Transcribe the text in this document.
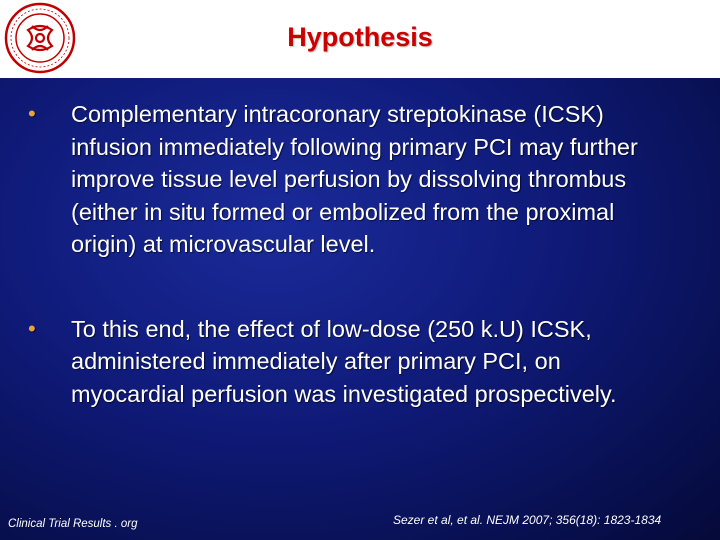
Hypothesis
• Complementary intracoronary streptokinase (ICSK) infusion immediately following primary PCI may further improve tissue level perfusion by dissolving thrombus (either in situ formed or embolized from the proximal origin) at microvascular level.
• To this end, the effect of low-dose (250 k.U) ICSK, administered immediately after primary PCI, on myocardial perfusion was investigated prospectively.
Clinical Trial Results . org	Sezer et al, et al. NEJM 2007; 356(18): 1823-1834
